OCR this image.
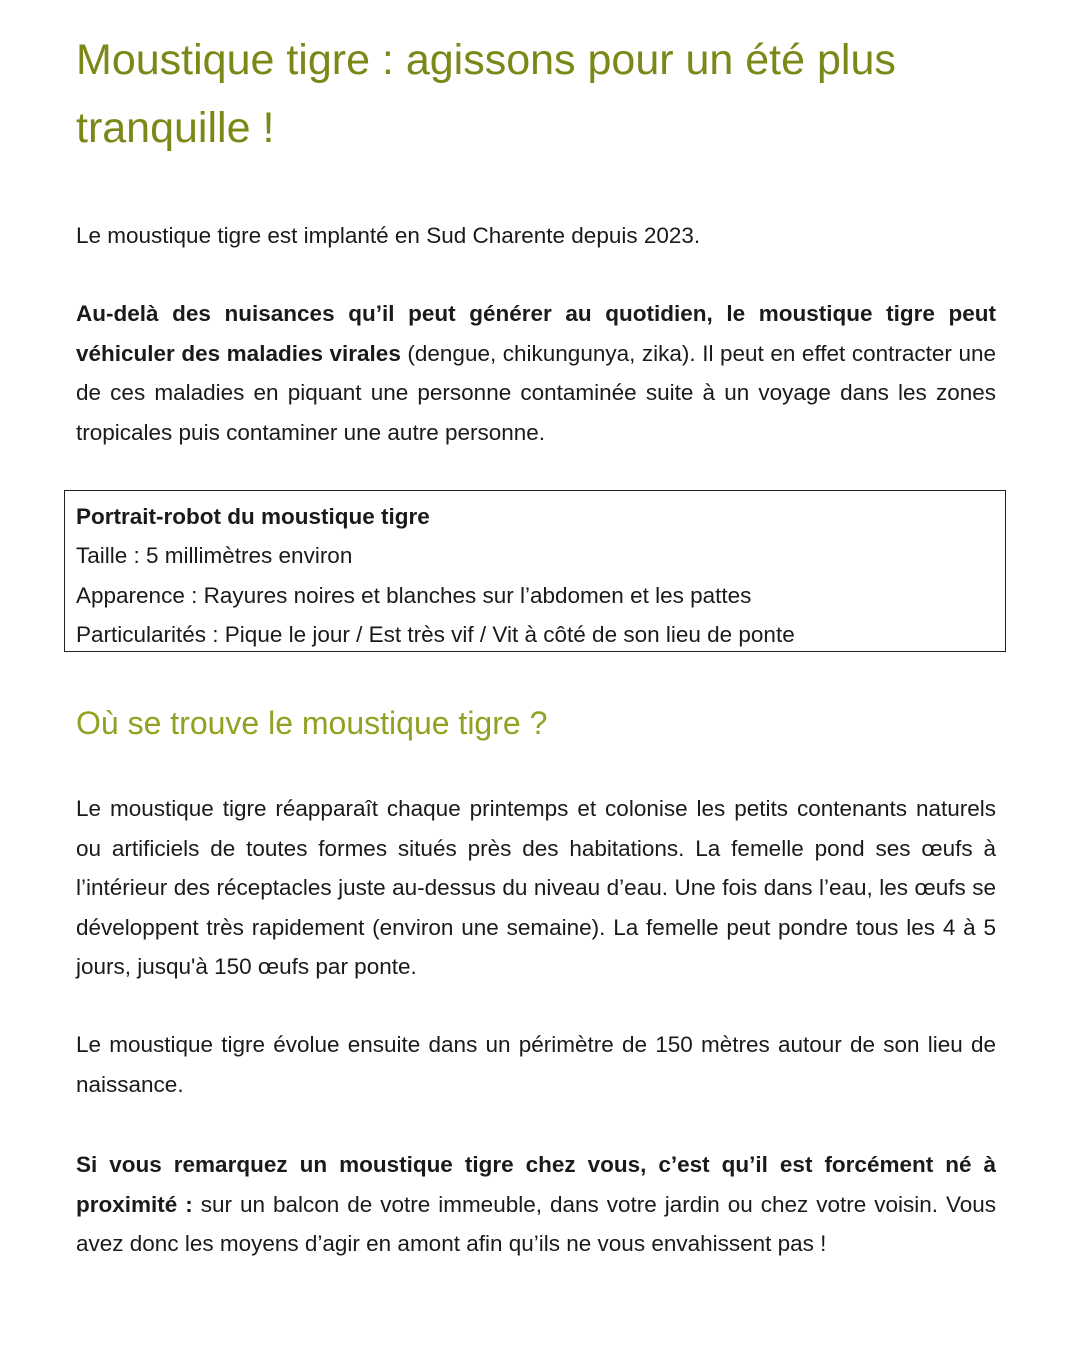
Moustique tigre : agissons pour un été plus tranquille !

Le moustique tigre est implanté en Sud Charente depuis 2023.

Au-delà des nuisances qu’il peut générer au quotidien, le moustique tigre peut véhiculer des maladies virales (dengue, chikungunya, zika). Il peut en effet contracter une de ces maladies en piquant une personne contaminée suite à un voyage dans les zones tropicales puis contaminer une autre personne.

Portrait-robot du moustique tigre
Taille : 5 millimètres environ
Apparence : Rayures noires et blanches sur l’abdomen et les pattes
Particularités : Pique le jour / Est très vif / Vit à côté de son lieu de ponte
Où se trouve le moustique tigre ?

Le moustique tigre réapparaît chaque printemps et colonise les petits contenants naturels ou artificiels de toutes formes situés près des habitations. La femelle pond ses œufs à l’intérieur des réceptacles juste au-dessus du niveau d’eau. Une fois dans l’eau, les œufs se développent très rapidement (environ une semaine). La femelle peut pondre tous les 4 à 5 jours, jusqu'à 150 œufs par ponte.

Le moustique tigre évolue ensuite dans un périmètre de 150 mètres autour de son lieu de naissance.

Si vous remarquez un moustique tigre chez vous, c’est qu’il est forcément né à proximité : sur un balcon de votre immeuble, dans votre jardin ou chez votre voisin. Vous avez donc les moyens d’agir en amont afin qu’ils ne vous envahissent pas !
